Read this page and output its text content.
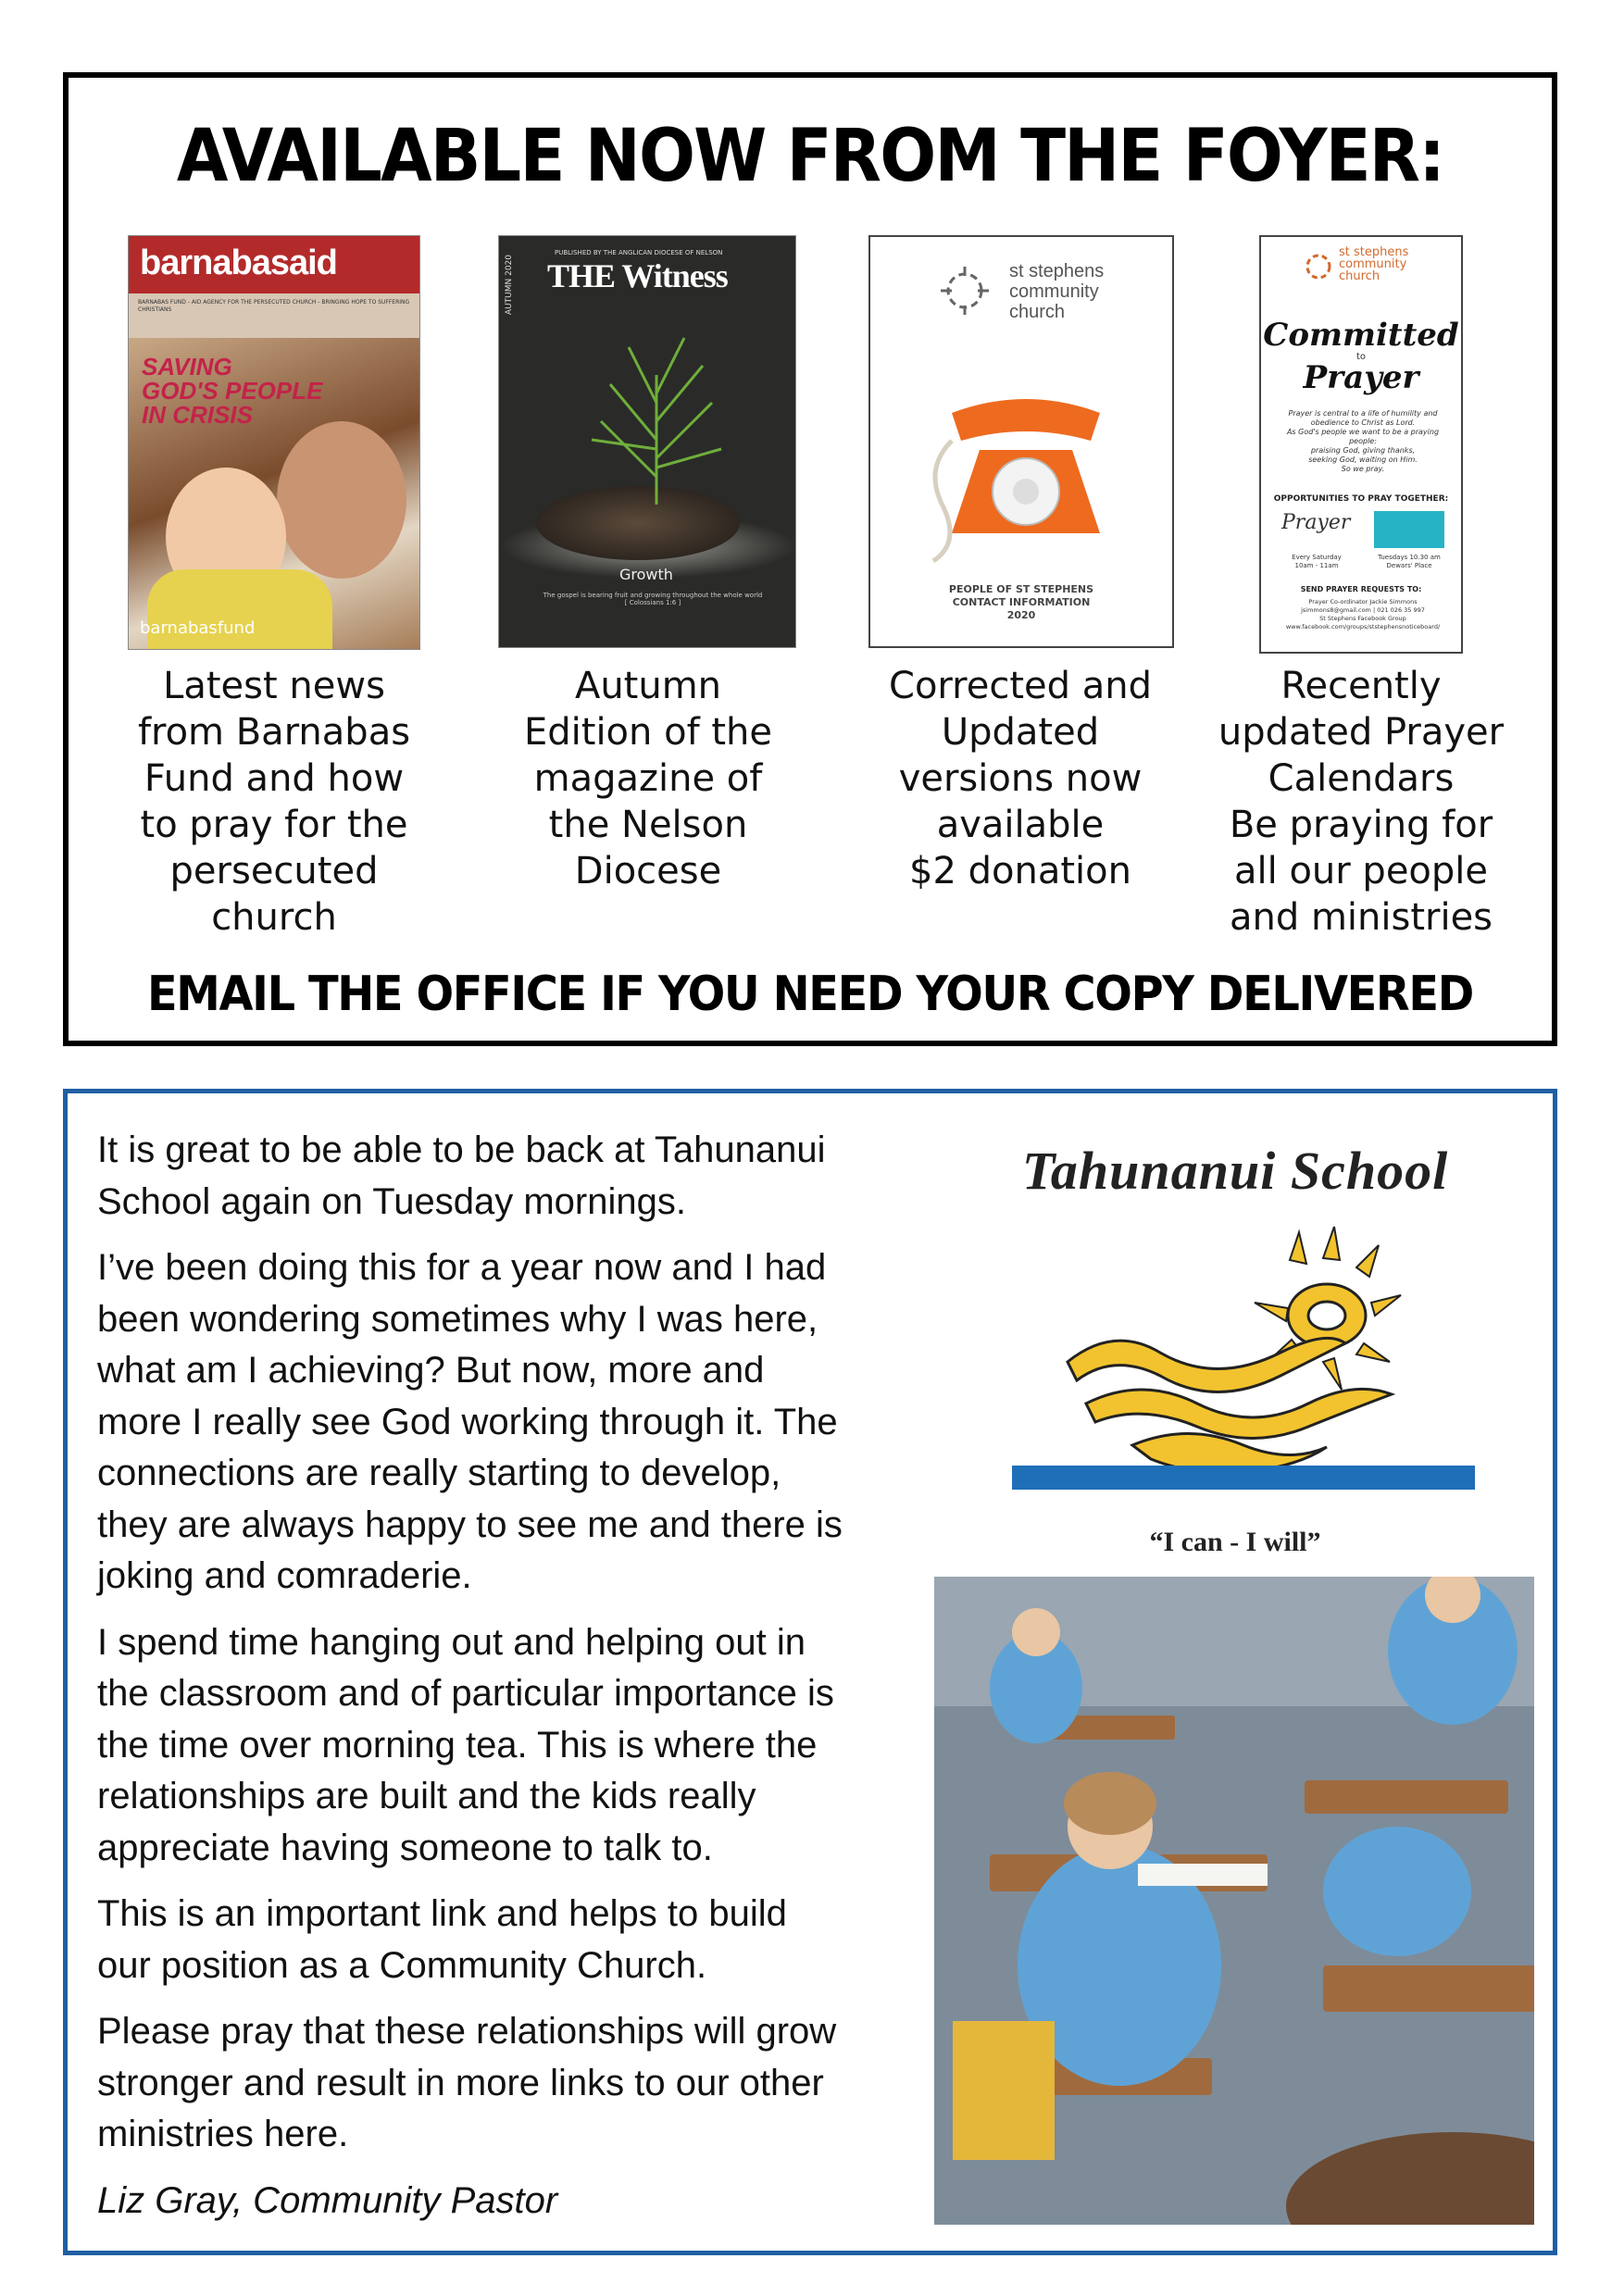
AVAILABLE NOW FROM THE FOYER:
barnabasaid
BARNABAS FUND - AID AGENCY FOR THE PERSECUTED CHURCH - BRINGING HOPE TO SUFFERING CHRISTIANS
SAVING
GOD'S PEOPLE
IN CRISIS
barnabasfund
Latest news
from Barnabas
Fund and how
to pray for the
persecuted
church
PUBLISHED BY THE ANGLICAN DIOCESE OF NELSON
AUTUMN 2020 THE Witness
Growth
The gospel is bearing fruit and growing throughout the whole world
[ Colossians 1:6 ]
Autumn
Edition of the
magazine of
the Nelson
Diocese
st stephens
community
church
PEOPLE OF ST STEPHENS
CONTACT INFORMATION
2020
Corrected and
Updated
versions now
available
$2 donation
st stephens
community
church
Committed
to
Prayer
Prayer is central to a life of humility and
obedience to Christ as Lord.
As God's people we want to be a praying people:
praising God, giving thanks,
seeking God, waiting on Him.
So we pray.
OPPORTUNITIES TO PRAY TOGETHER:
Prayer
Every Saturday
10am - 11am
Tuesdays 10.30 am
Dewars' Place
SEND PRAYER REQUESTS TO:
Prayer Co-ordinator Jackie Simmons
jsimmons8@gmail.com | 021 026 35 997
St Stephens Facebook Group
www.facebook.com/groups/ststephensnoticeboard/
Recently
updated Prayer
Calendars
Be praying for
all our people
and ministries
EMAIL THE OFFICE IF YOU NEED YOUR COPY DELIVERED

It is great to be able to be back at Tahunanui
School again on Tuesday mornings.

I’ve been doing this for a year now and I had
been wondering sometimes why I was here,
what am I achieving? But now, more and
more I really see God working through it. The
connections are really starting to develop,
they are always happy to see me and there is
joking and comraderie.

I spend time hanging out and helping out in
the classroom and of particular importance is
the time over morning tea. This is where the
relationships are built and the kids really
appreciate having someone to talk to.

This is an important link and helps to build
our position as a Community Church.

Please pray that these relationships will grow
stronger and result in more links to our other
ministries here.

Liz Gray, Community Pastor

Tahunanui School
“I can - I will”
